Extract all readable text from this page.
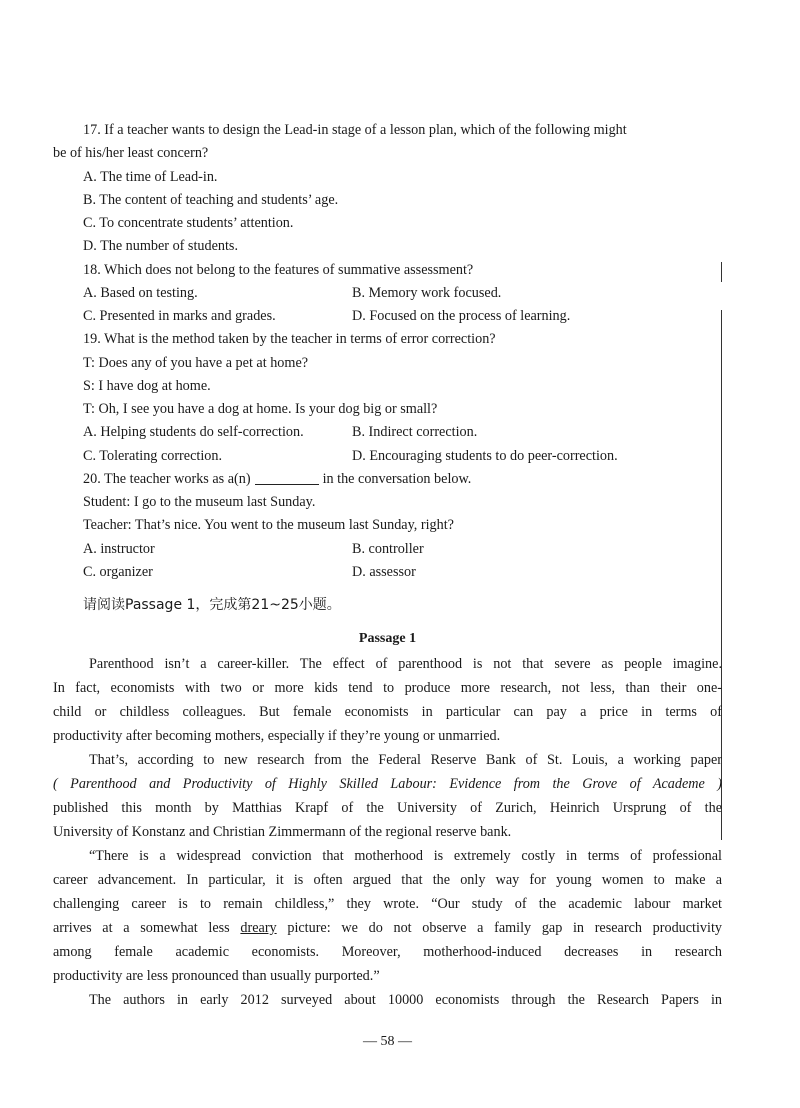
17. If a teacher wants to design the Lead-in stage of a lesson plan, which of the following might
be of his/her least concern?
A. The time of Lead-in.
B. The content of teaching and students’ age.
C. To concentrate students’ attention.
D. The number of students.
18. Which does not belong to the features of summative assessment?
A. Based on testing.	B. Memory work focused.
C. Presented in marks and grades.	D. Focused on the process of learning.
19. What is the method taken by the teacher in terms of error correction?
T: Does any of you have a pet at home?
S: I have dog at home.
T: Oh, I see you have a dog at home. Is your dog big or small?
A. Helping students do self-correction.	B. Indirect correction.
C. Tolerating correction.	D. Encouraging students to do peer-correction.
20. The teacher works as a(n)	in the conversation below.
Student: I go to the museum last Sunday.
Teacher: That’s nice. You went to the museum last Sunday, right?
A. instructor	B. controller
C. organizer	D. assessor
请阅读Passage 1，完成第21~25小题。
Passage 1
Parenthood isn’t a career-killer. The effect of parenthood is not that severe as people imagine.
In fact, economists with two or more kids tend to produce more research, not less, than their one-
child or childless colleagues. But female economists in particular can pay a price in terms of
productivity after becoming mothers, especially if they’re young or unmarried.
That’s, according to new research from the Federal Reserve Bank of St. Louis, a working paper
( Parenthood and Productivity of Highly Skilled Labour: Evidence from the Grove of Academe )
published this month by Matthias Krapf of the University of Zurich, Heinrich Ursprung of the
University of Konstanz and Christian Zimmermann of the regional reserve bank.
“There is a widespread conviction that motherhood is extremely costly in terms of professional
career advancement. In particular, it is often argued that the only way for young women to make a
challenging career is to remain childless,” they wrote. “Our study of the academic labour market
arrives at a somewhat less dreary picture: we do not observe a family gap in research productivity
among female academic economists. Moreover, motherhood-induced decreases in research
productivity are less pronounced than usually purported.”
The authors in early 2012 surveyed about 10000 economists through the Research Papers in
— 58 —
